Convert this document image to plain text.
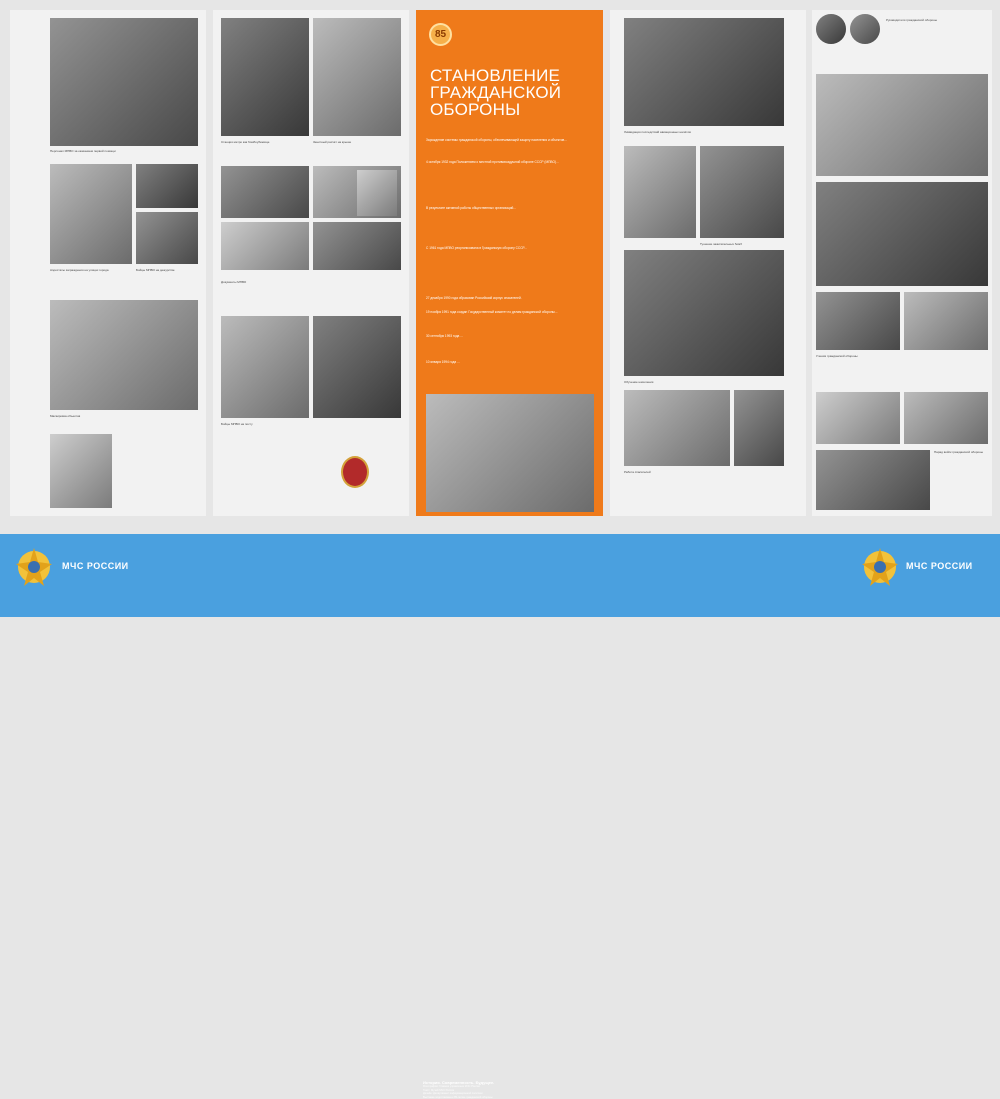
Персонал МПВО за оказанием первой помощи
Аэростаты заграждения на улицах города	Бойцы МПВО на дежурстве
Маскировка объектов
Станция метро как бомбоубежище	Зенитный расчёт на крыше
Документы МПВО
Бойцы МПВО на посту
85
СТАНОВЛЕНИЕ ГРАЖДАНСКОЙ ОБОРОНЫ
Зарождение системы гражданской обороны, обеспечивающей защиту населения и объектов...
4 октября 1932 года Положением о местной противовоздушной обороне СССР (МПВО)...
В результате активной работы общественных организаций...
С 1961 года МПВО реорганизована в Гражданскую оборону СССР...
27 декабря 1990 года образован Российский корпус спасателей.
19 ноября 1991 года создан Государственный комитет по делам гражданской обороны...
30 сентября 1993 года ...
10 января 1994 года ...
Ликвидация последствий авиационных налётов
Тушение зажигательных бомб
Обучение населения
Работа спасателей
Руководители гражданской обороны
Учения гражданской обороны
Парад войск гражданской обороны
МЧС РОССИИ
История. Современность. Будущее.
Фотографии: Главное управление МЧС России
Текст: Музей МЧС России
Дизайн: Департамент информационной политики
Выставка подготовлена к 85-летию гражданской обороны
МЧС РОССИИ
